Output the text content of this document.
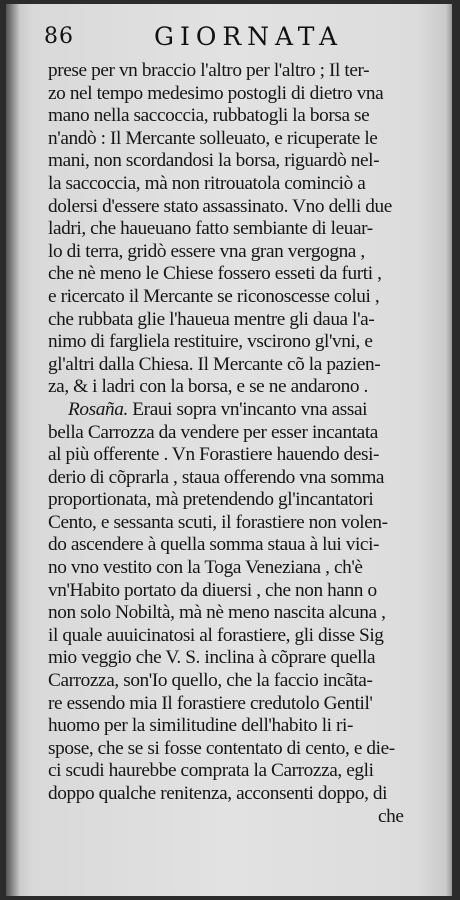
86	GIORNATA
prese per vn braccio l'altro per l'altro ; Il ter-
zo nel tempo medesimo postogli di dietro vna
mano nella saccoccia, rubbatogli la borsa se
n'andò : Il Mercante solleuato, e ricuperate le
mani, non scordandosi la borsa, riguardò nel-
la saccoccia, mà non ritrouatola cominciò a
dolersi d'essere stato assassinato. Vno delli due
ladri, che haueuano fatto sembiante di leuar-
lo di terra, gridò essere vna gran vergogna ,
che nè meno le Chiese fossero esseti da furti ,
e ricercato il Mercante se riconoscesse colui ,
che rubbata glie l'haueua mentre gli daua l'a-
nimo di fargliela restituire, vscirono gl'vni, e
gl'altri dalla Chiesa. Il Mercante cõ la pazien-
za, & i ladri con la borsa, e se ne andarono .
Rosaña. Eraui sopra vn'incanto vna assai
bella Carrozza da vendere per esser incantata
al più offerente . Vn Forastiere hauendo desi-
derio di cõprarla , staua offerendo vna somma
proportionata, mà pretendendo gl'incantatori
Cento, e sessanta scuti, il forastiere non volen-
do ascendere à quella somma staua à lui vici-
no vno vestito con la Toga Veneziana , ch'è
vn'Habito portato da diuersi , che non hann o
non solo Nobiltà, mà nè meno nascita alcuna ,
il quale auuicinatosi al forastiere, gli disse Sig
mio veggio che V. S. inclina à cõprare quella
Carrozza, son'Io quello, che la faccio incãta-
re essendo mia Il forastiere credutolo Gentil'
huomo per la similitudine dell'habito li ri-
spose, che se si fosse contentato di cento, e die-
ci scudi haurebbe comprata la Carrozza, egli
doppo qualche renitenza, acconsenti doppo, di
che
